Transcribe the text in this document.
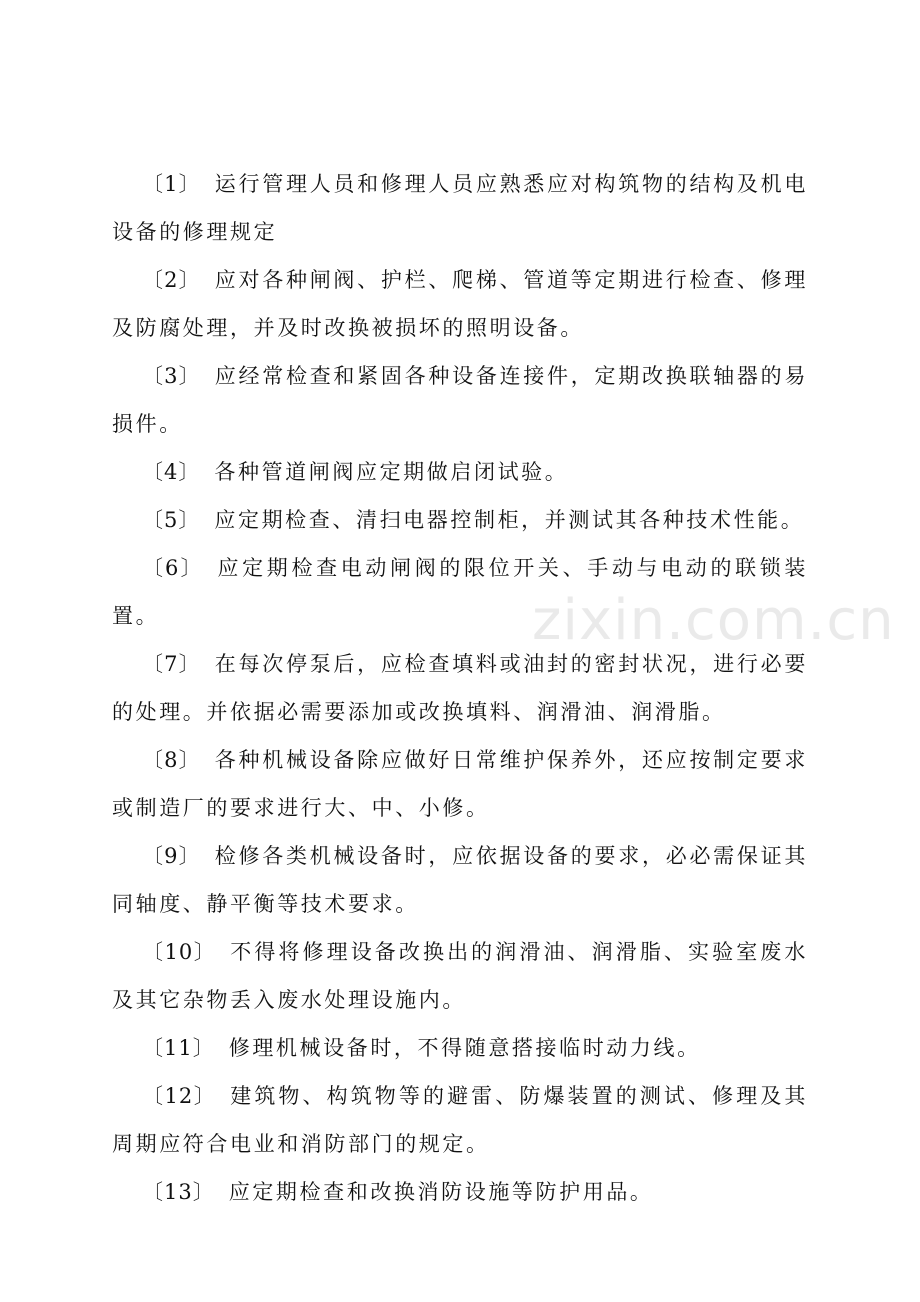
〔1〕 运行管理人员和修理人员应熟悉应对构筑物的结构及机电设备的修理规定

〔2〕 应对各种闸阀、护栏、爬梯、管道等定期进行检查、修理及防腐处理，并及时改换被损坏的照明设备。

〔3〕 应经常检查和紧固各种设备连接件，定期改换联轴器的易损件。

〔4〕 各种管道闸阀应定期做启闭试验。

〔5〕 应定期检查、清扫电器控制柜，并测试其各种技术性能。

〔6〕 应定期检查电动闸阀的限位开关、手动与电动的联锁装置。

〔7〕 在每次停泵后，应检查填料或油封的密封状况，进行必要的处理。并依据必需要添加或改换填料、润滑油、润滑脂。

〔8〕 各种机械设备除应做好日常维护保养外，还应按制定要求或制造厂的要求进行大、中、小修。

〔9〕 检修各类机械设备时，应依据设备的要求，必必需保证其同轴度、静平衡等技术要求。

〔10〕 不得将修理设备改换出的润滑油、润滑脂、实验室废水及其它杂物丢入废水处理设施内。

〔11〕 修理机械设备时，不得随意搭接临时动力线。

〔12〕 建筑物、构筑物等的避雷、防爆装置的测试、修理及其周期应符合电业和消防部门的规定。

〔13〕 应定期检查和改换消防设施等防护用品。

zixin.com.cn
